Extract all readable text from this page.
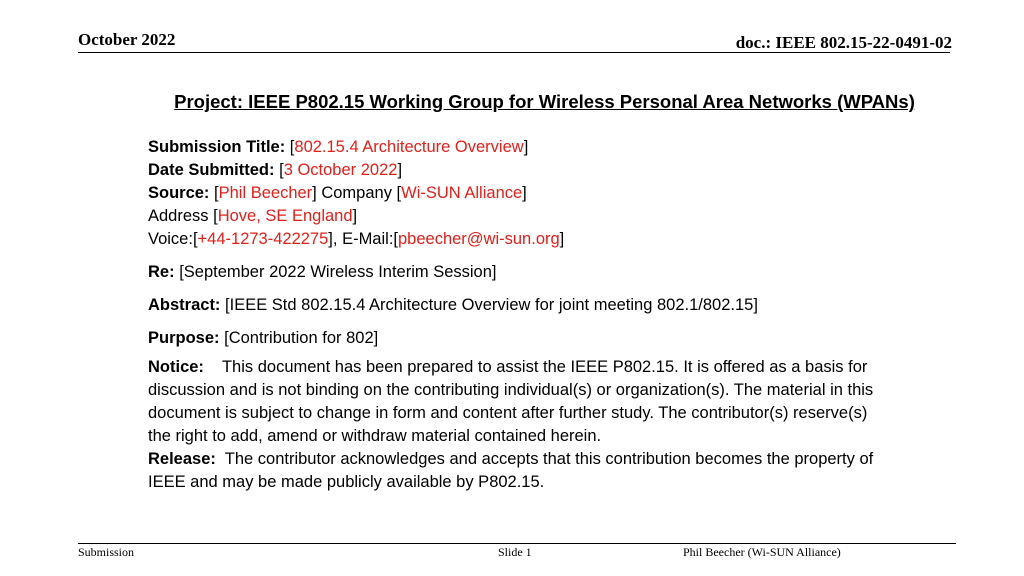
October 2022	doc.: IEEE 802.15-22-0491-02
Project: IEEE P802.15 Working Group for Wireless Personal Area Networks (WPANs)
Submission Title: [802.15.4 Architecture Overview]
Date Submitted: [3 October 2022]
Source: [Phil Beecher] Company [Wi-SUN Alliance]
Address [Hove, SE England]
Voice:[+44-1273-422275], E-Mail:[pbeecher@wi-sun.org]
Re: [September 2022 Wireless Interim Session]
Abstract: [IEEE Std 802.15.4 Architecture Overview for joint meeting 802.1/802.15]
Purpose: [Contribution for 802]
Notice: This document has been prepared to assist the IEEE P802.15. It is offered as a basis for
discussion and is not binding on the contributing individual(s) or organization(s). The material in this
document is subject to change in form and content after further study. The contributor(s) reserve(s)
the right to add, amend or withdraw material contained herein.
Release: The contributor acknowledges and accepts that this contribution becomes the property of
IEEE and may be made publicly available by P802.15.
Submission	Slide 1	Phil Beecher (Wi-SUN Alliance)
